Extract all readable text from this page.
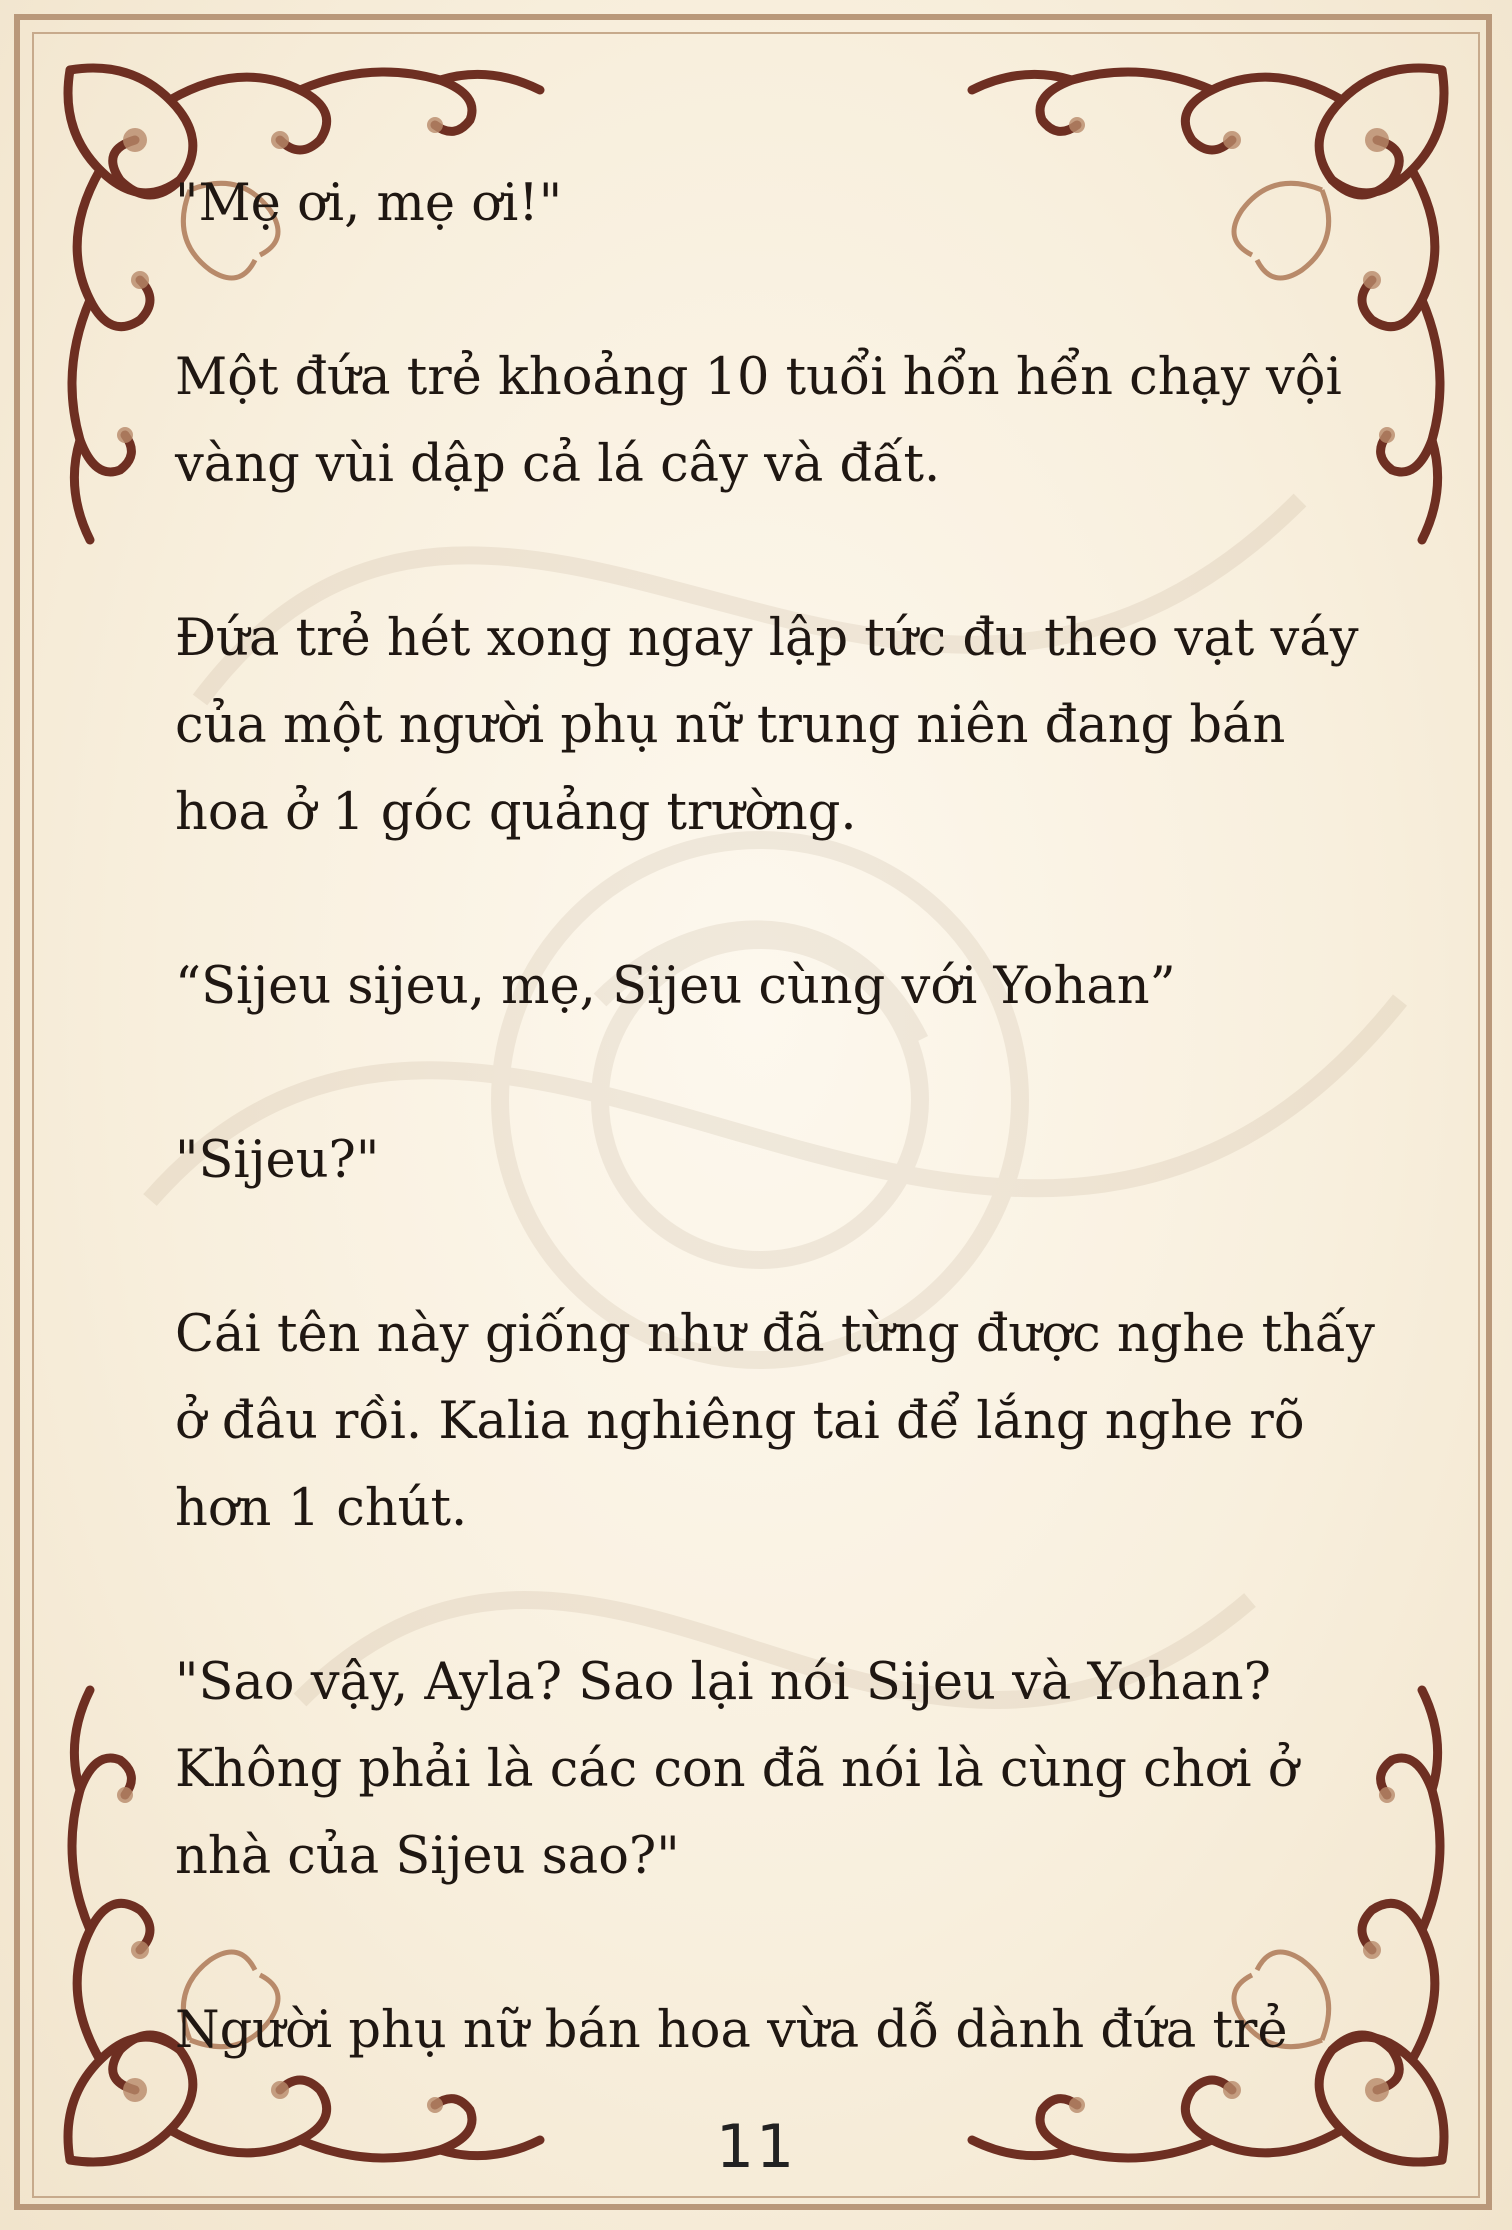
"Mẹ ơi, mẹ ơi!"

Một đứa trẻ khoảng 10 tuổi hổn hển chạy vội vàng vùi dập cả lá cây và đất.

Đứa trẻ hét xong ngay lập tức đu theo vạt váy của một người phụ nữ trung niên đang bán hoa ở 1 góc quảng trường.

“Sijeu sijeu, mẹ, Sijeu cùng với Yohan”

"Sijeu?"

Cái tên này giống như đã từng được nghe thấy ở đâu rồi. Kalia nghiêng tai để lắng nghe rõ hơn 1 chút.

"Sao vậy, Ayla? Sao lại nói Sijeu và Yohan? Không phải là các con đã nói là cùng chơi ở nhà của Sijeu sao?"

Người phụ nữ bán hoa vừa dỗ dành đứa trẻ

11
